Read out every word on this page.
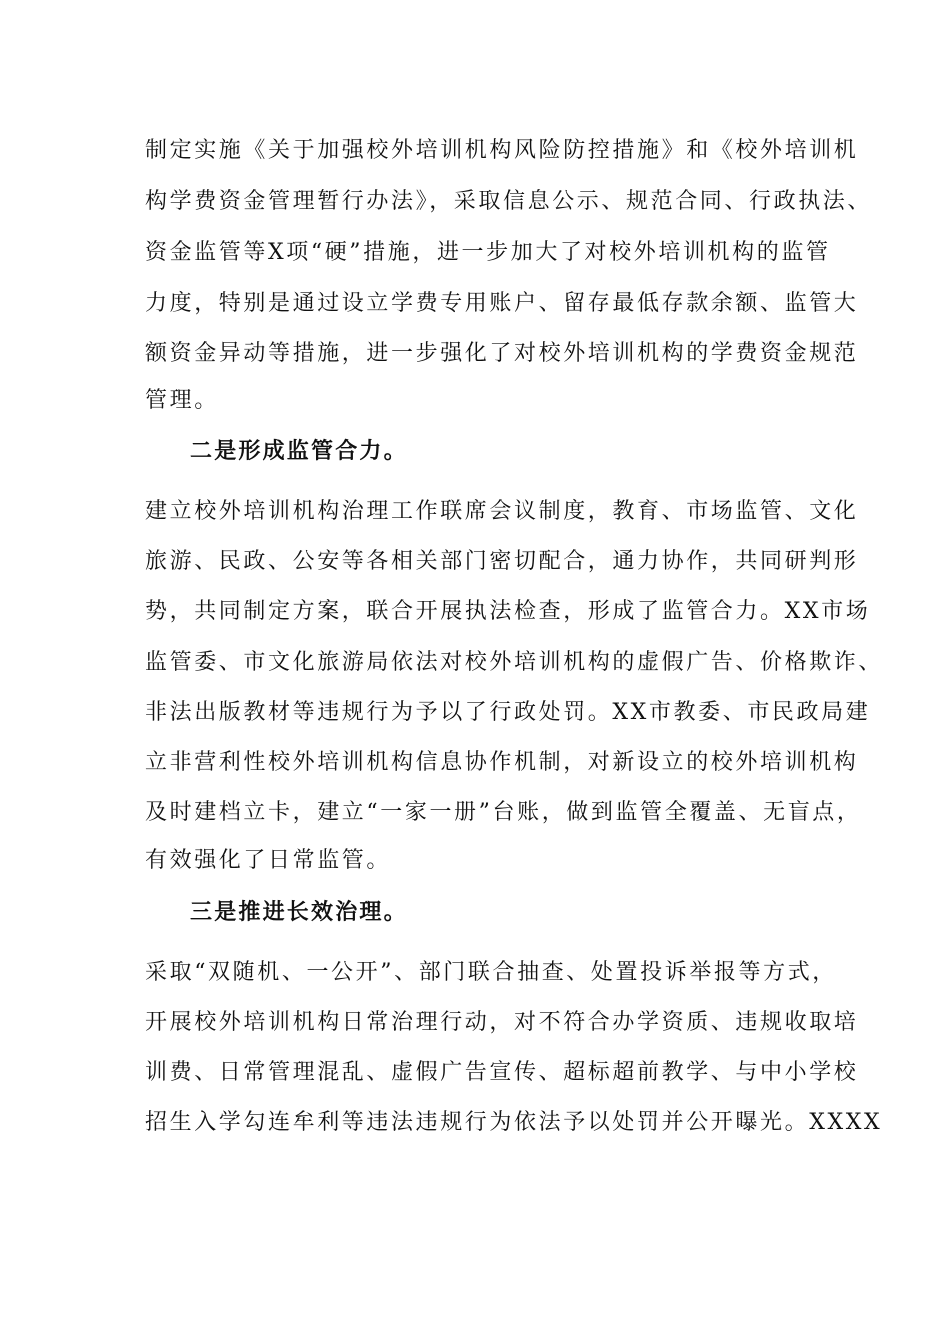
制定实施《关于加强校外培训机构风险防控措施》和《校外培训机
构学费资金管理暂行办法》，采取信息公示、规范合同、行政执法、
资金监管等X项“硬”措施，进一步加大了对校外培训机构的监管
力度，特别是通过设立学费专用账户、留存最低存款余额、监管大
额资金异动等措施，进一步强化了对校外培训机构的学费资金规范
管理。
二是形成监管合力。
建立校外培训机构治理工作联席会议制度，教育、市场监管、文化
旅游、民政、公安等各相关部门密切配合，通力协作，共同研判形
势，共同制定方案，联合开展执法检查，形成了监管合力。XX市场
监管委、市文化旅游局依法对校外培训机构的虚假广告、价格欺诈、
非法出版教材等违规行为予以了行政处罚。XX市教委、市民政局建
立非营利性校外培训机构信息协作机制，对新设立的校外培训机构
及时建档立卡，建立“一家一册”台账，做到监管全覆盖、无盲点，
有效强化了日常监管。
三是推进长效治理。
采取“双随机、一公开”、部门联合抽查、处置投诉举报等方式，
开展校外培训机构日常治理行动，对不符合办学资质、违规收取培
训费、日常管理混乱、虚假广告宣传、超标超前教学、与中小学校
招生入学勾连牟利等违法违规行为依法予以处罚并公开曝光。XXXX
